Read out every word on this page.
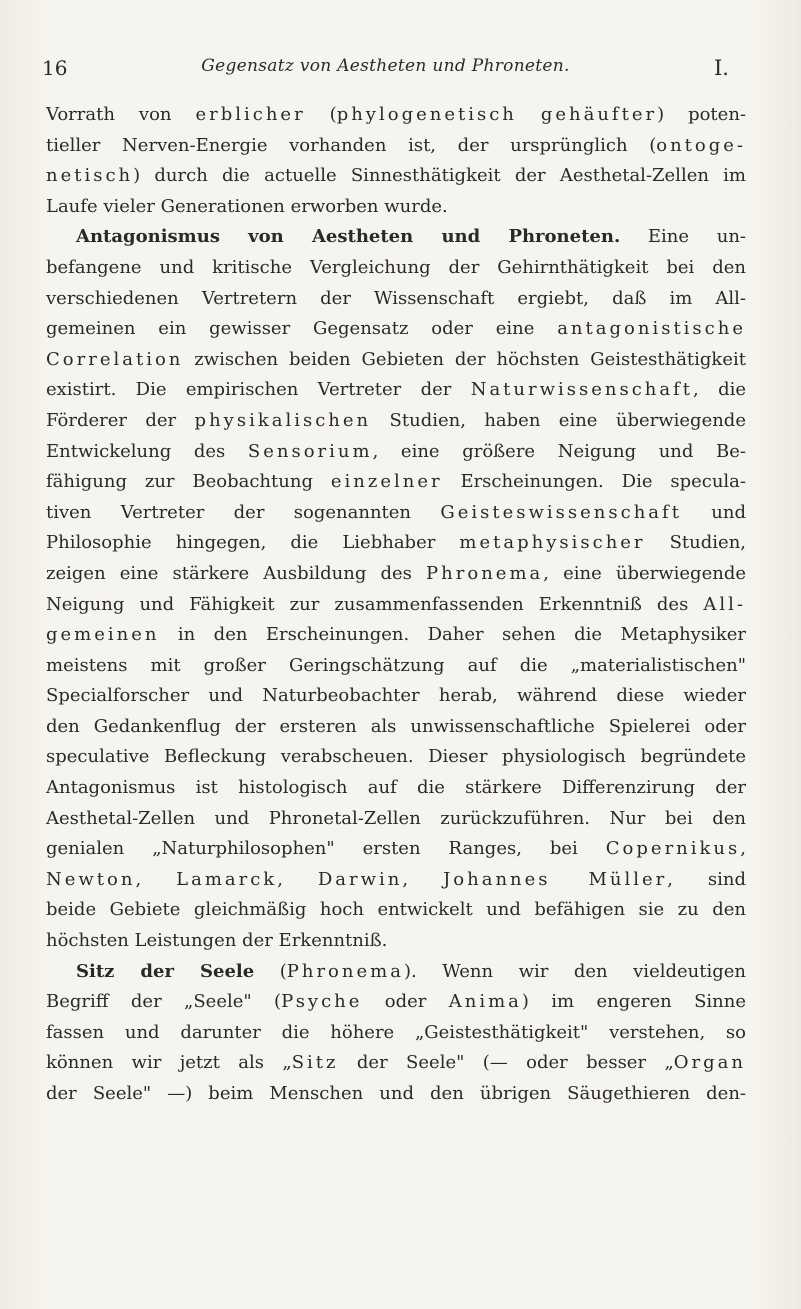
16	Gegensatz von Aestheten und Phroneten.	I.
Vorrath von erblicher (phylogenetisch gehäufter) poten-
tieller Nerven-Energie vorhanden ist, der ursprünglich (ontoge-
netisch) durch die actuelle Sinnesthätigkeit der Aesthetal-Zellen im
Laufe vieler Generationen erworben wurde.
Antagonismus von Aestheten und Phroneten. Eine un-
befangene und kritische Vergleichung der Gehirnthätigkeit bei den
verschiedenen Vertretern der Wissenschaft ergiebt, daß im All-
gemeinen ein gewisser Gegensatz oder eine antagonistische
Correlation zwischen beiden Gebieten der höchsten Geistesthätigkeit
existirt. Die empirischen Vertreter der Naturwissenschaft, die
Förderer der physikalischen Studien, haben eine überwiegende
Entwickelung des Sensorium, eine größere Neigung und Be-
fähigung zur Beobachtung einzelner Erscheinungen. Die specula-
tiven Vertreter der sogenannten Geisteswissenschaft und
Philosophie hingegen, die Liebhaber metaphysischer Studien,
zeigen eine stärkere Ausbildung des Phronema, eine überwiegende
Neigung und Fähigkeit zur zusammenfassenden Erkenntniß des All-
gemeinen in den Erscheinungen. Daher sehen die Metaphysiker
meistens mit großer Geringschätzung auf die „materialistischen"
Specialforscher und Naturbeobachter herab, während diese wieder
den Gedankenflug der ersteren als unwissenschaftliche Spielerei oder
speculative Befleckung verabscheuen. Dieser physiologisch begründete
Antagonismus ist histologisch auf die stärkere Differenzirung der
Aesthetal-Zellen und Phronetal-Zellen zurückzuführen. Nur bei den
genialen „Naturphilosophen" ersten Ranges, bei Copernikus,
Newton, Lamarck, Darwin, Johannes Müller, sind
beide Gebiete gleichmäßig hoch entwickelt und befähigen sie zu den
höchsten Leistungen der Erkenntniß.
Sitz der Seele (Phronema). Wenn wir den vieldeutigen
Begriff der „Seele" (Psyche oder Anima) im engeren Sinne
fassen und darunter die höhere „Geistesthätigkeit" verstehen, so
können wir jetzt als „Sitz der Seele" (— oder besser „Organ
der Seele" —) beim Menschen und den übrigen Säugethieren den-
